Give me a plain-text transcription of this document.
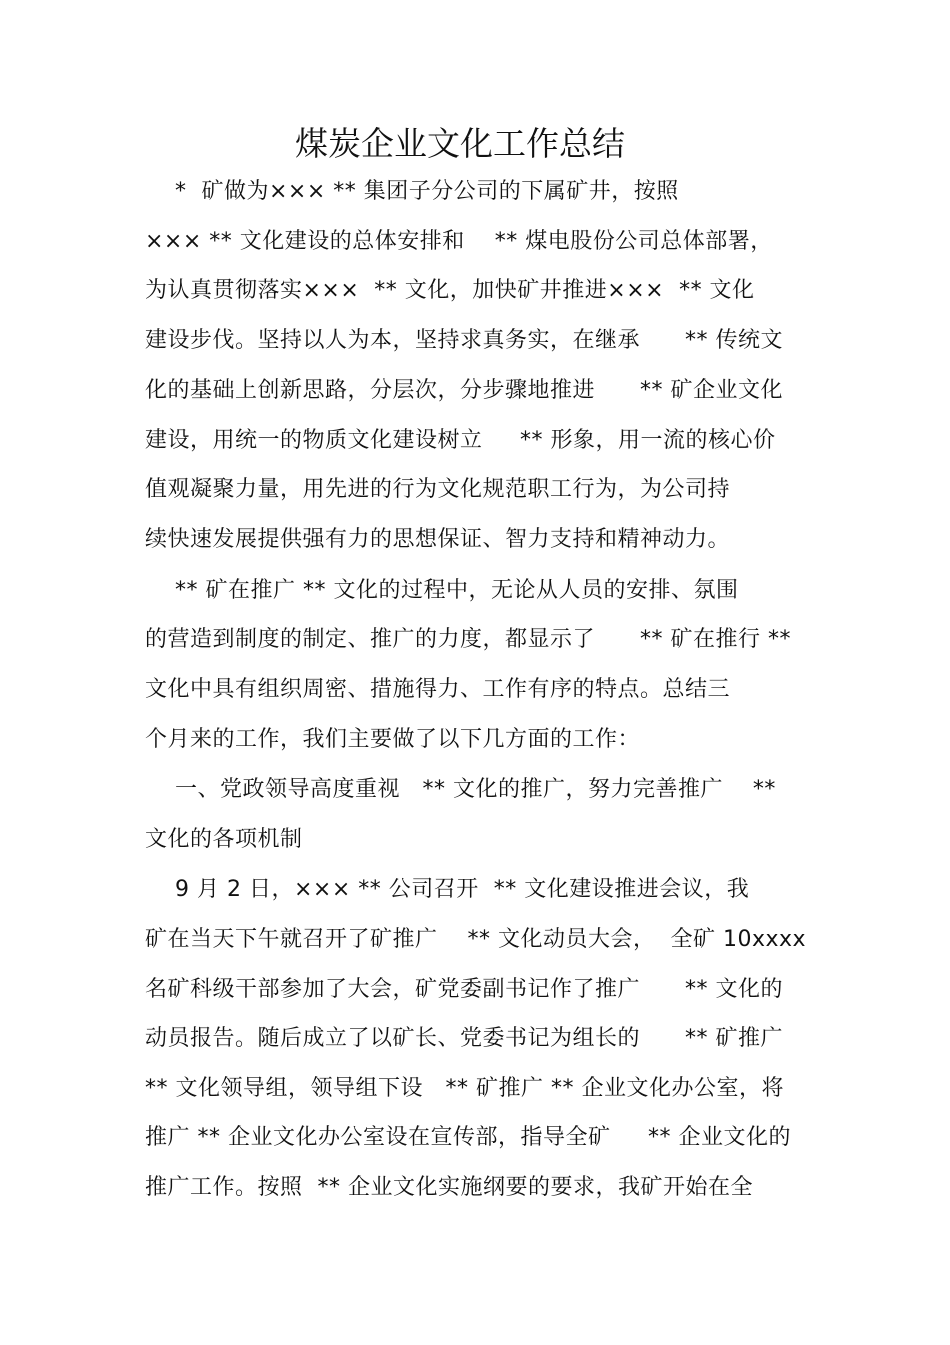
煤炭企业文化工作总结
*  矿做为××× ** 集团子分公司的下属矿井，按照
××× ** 文化建设的总体安排和    ** 煤电股份公司总体部署，
为认真贯彻落实×××  ** 文化，加快矿井推进×××  ** 文化
建设步伐。坚持以人为本，坚持求真务实，在继承      ** 传统文
化的基础上创新思路，分层次，分步骤地推进      ** 矿企业文化
建设，用统一的物质文化建设树立     ** 形象，用一流的核心价
值观凝聚力量，用先进的行为文化规范职工行为，为公司持
续快速发展提供强有力的思想保证、智力支持和精神动力。
** 矿在推广 ** 文化的过程中，无论从人员的安排、氛围
的营造到制度的制定、推广的力度，都显示了      ** 矿在推行 **
文化中具有组织周密、措施得力、工作有序的特点。总结三
个月来的工作，我们主要做了以下几方面的工作：
一、党政领导高度重视   ** 文化的推广，努力完善推广    **
文化的各项机制
9 月 2 日，××× ** 公司召开  ** 文化建设推进会议，我
矿在当天下午就召开了矿推广    ** 文化动员大会，  全矿 10xxxx
名矿科级干部参加了大会，矿党委副书记作了推广      ** 文化的
动员报告。随后成立了以矿长、党委书记为组长的      ** 矿推广
** 文化领导组，领导组下设   ** 矿推广 ** 企业文化办公室，将
推广 ** 企业文化办公室设在宣传部，指导全矿     ** 企业文化的
推广工作。按照  ** 企业文化实施纲要的要求，我矿开始在全
